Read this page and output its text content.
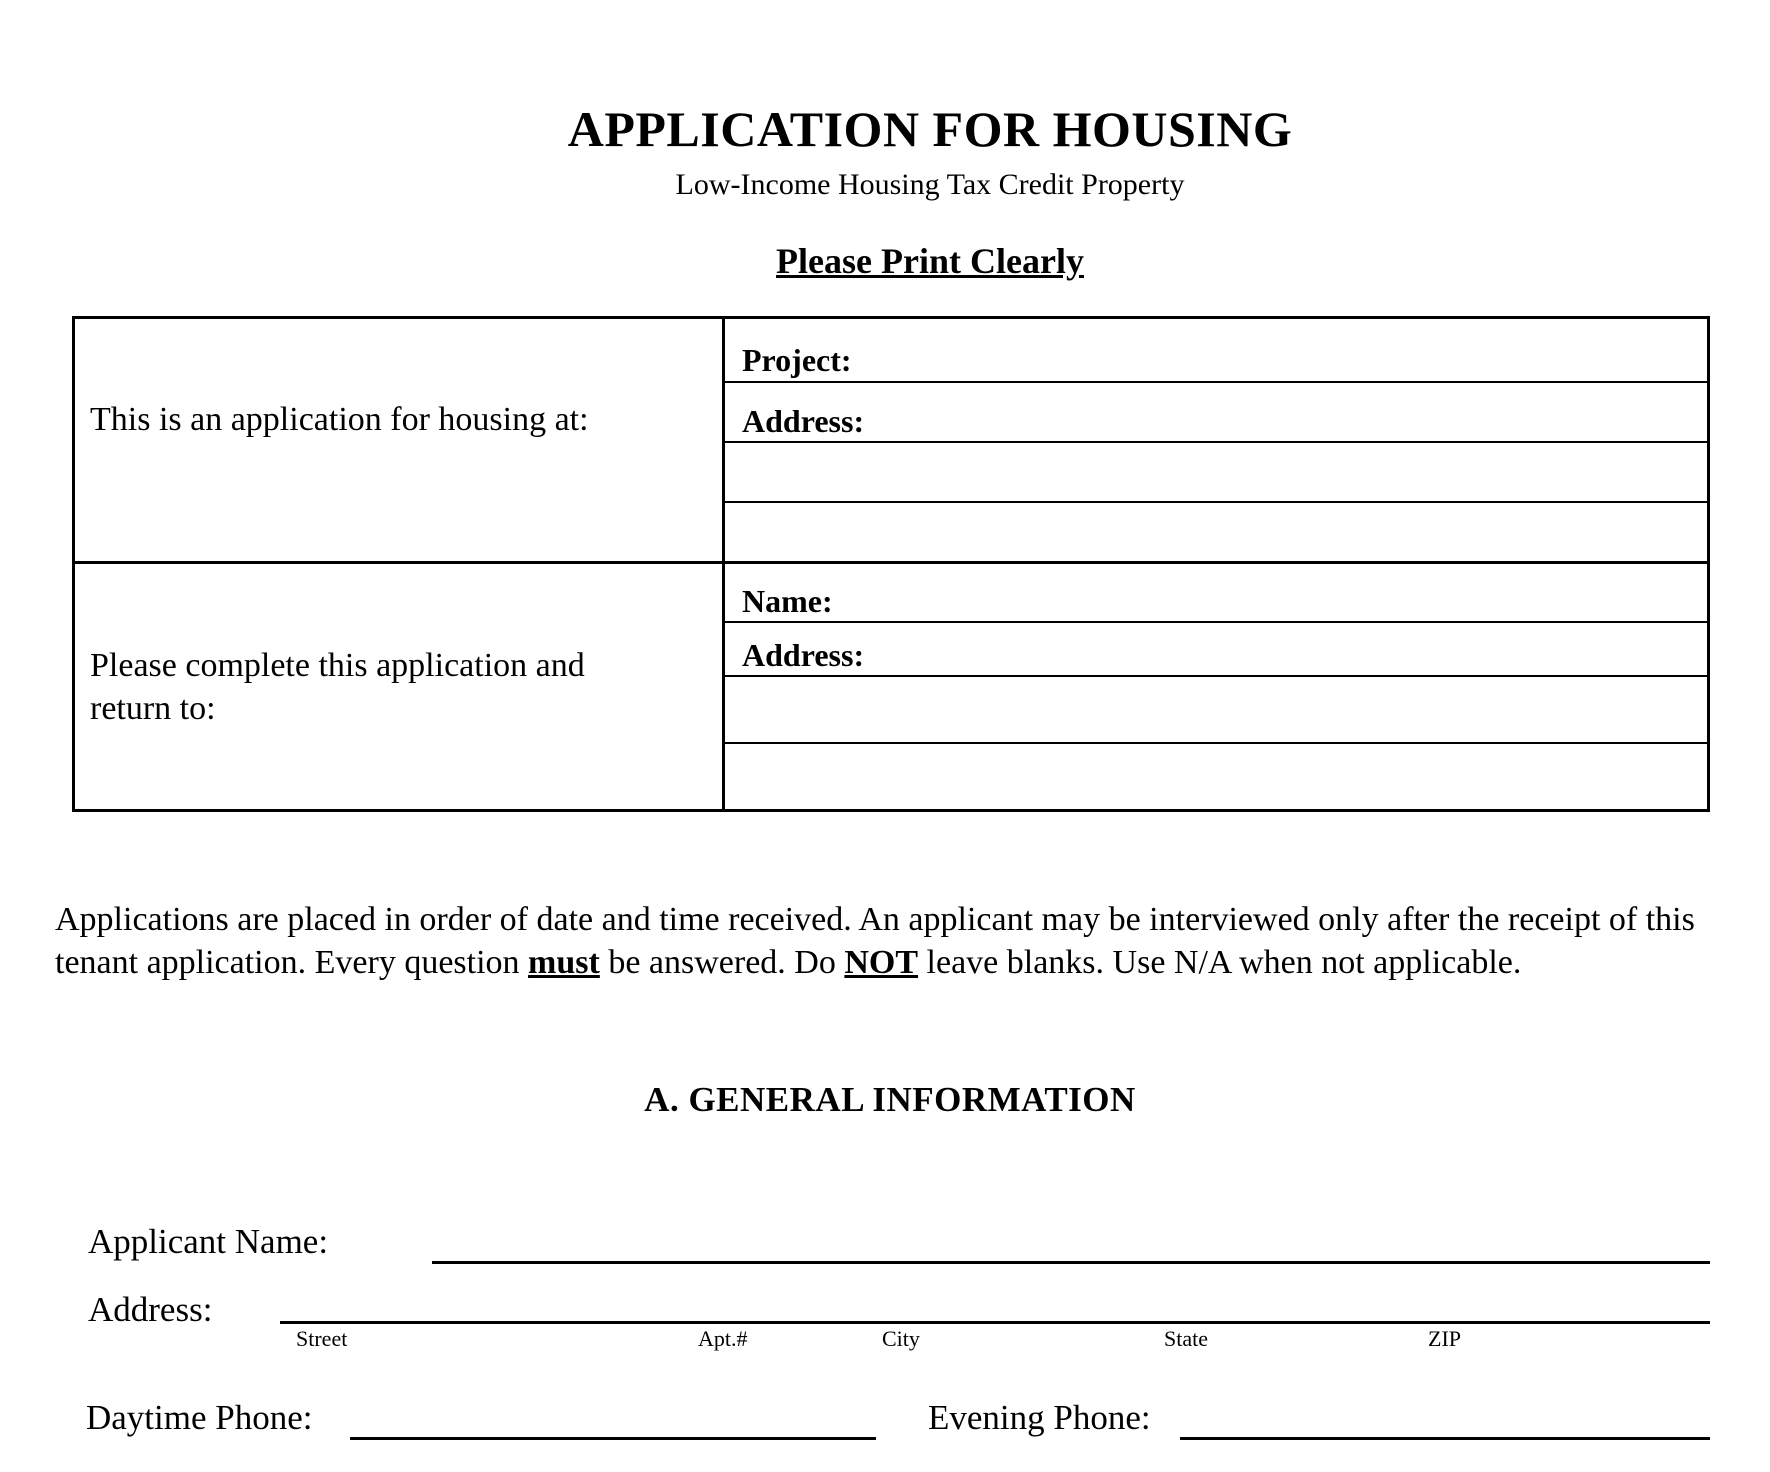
APPLICATION FOR HOUSING
Low-Income Housing Tax Credit Property
Please Print Clearly
This is an application for housing at:
Project:
Address:
Please complete this application and return to:
Name:
Address:
Applications are placed in order of date and time received. An applicant may be interviewed only after the receipt of this tenant application. Every question must be answered. Do NOT leave blanks. Use N/A when not applicable.
A. GENERAL INFORMATION
Applicant Name:
Address:
Street	Apt.#	City	State	ZIP
Daytime Phone:	Evening Phone:
